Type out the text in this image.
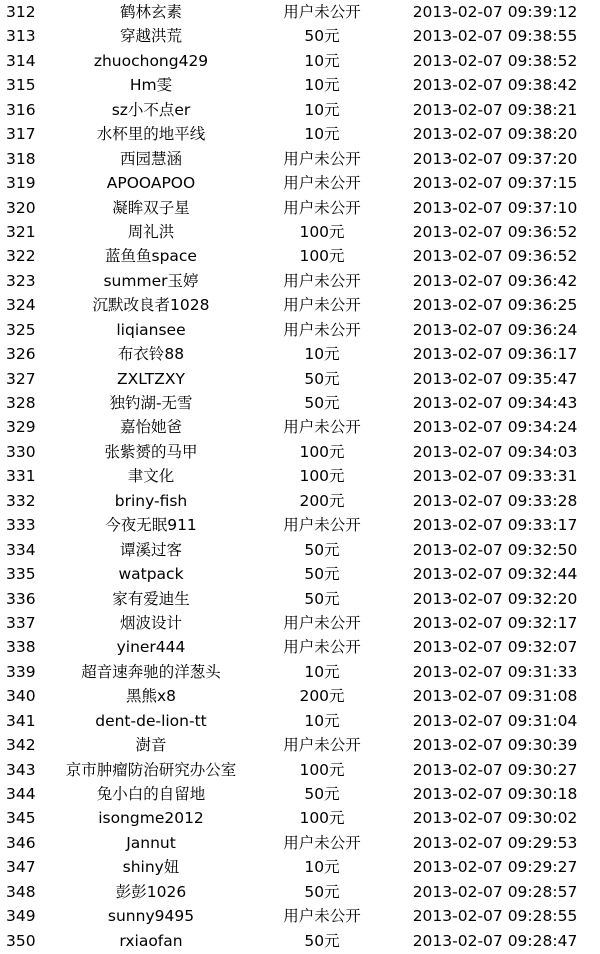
312	鹤林玄素	用户未公开	2013-02-07 09:39:12
313	穿越洪荒	50元	2013-02-07 09:38:55
314	zhuochong429	10元	2013-02-07 09:38:52
315	Hm雯	10元	2013-02-07 09:38:42
316	sz小不点er	10元	2013-02-07 09:38:21
317	水杯里的地平线	10元	2013-02-07 09:38:20
318	西园慧涵	用户未公开	2013-02-07 09:37:20
319	APOOAPOO	用户未公开	2013-02-07 09:37:15
320	凝眸双子星	用户未公开	2013-02-07 09:37:10
321	周礼洪	100元	2013-02-07 09:36:52
322	蓝鱼鱼space	100元	2013-02-07 09:36:52
323	summer玉婷	用户未公开	2013-02-07 09:36:42
324	沉默改良者1028	用户未公开	2013-02-07 09:36:25
325	liqiansee	用户未公开	2013-02-07 09:36:24
326	布衣铃88	10元	2013-02-07 09:36:17
327	ZXLTZXY	50元	2013-02-07 09:35:47
328	独钓湖-无雪	50元	2013-02-07 09:34:43
329	嘉怡她爸	用户未公开	2013-02-07 09:34:24
330	张紫赟的马甲	100元	2013-02-07 09:34:03
331	聿文化	100元	2013-02-07 09:33:31
332	briny-fish	200元	2013-02-07 09:33:28
333	今夜无眠911	用户未公开	2013-02-07 09:33:17
334	谭溪过客	50元	2013-02-07 09:32:50
335	watpack	50元	2013-02-07 09:32:44
336	家有爱迪生	50元	2013-02-07 09:32:20
337	烟波设计	用户未公开	2013-02-07 09:32:17
338	yiner444	用户未公开	2013-02-07 09:32:07
339	超音速奔驰的洋葱头	10元	2013-02-07 09:31:33
340	黑熊x8	200元	2013-02-07 09:31:08
341	dent-de-lion-tt	10元	2013-02-07 09:31:04
342	澍音	用户未公开	2013-02-07 09:30:39
343	京市肿瘤防治研究办公室	100元	2013-02-07 09:30:27
344	兔小白的自留地	50元	2013-02-07 09:30:18
345	isongme2012	100元	2013-02-07 09:30:02
346	Jannut	用户未公开	2013-02-07 09:29:53
347	shiny妞	10元	2013-02-07 09:29:27
348	彭彭1026	50元	2013-02-07 09:28:57
349	sunny9495	用户未公开	2013-02-07 09:28:55
350	rxiaofan	50元	2013-02-07 09:28:47
